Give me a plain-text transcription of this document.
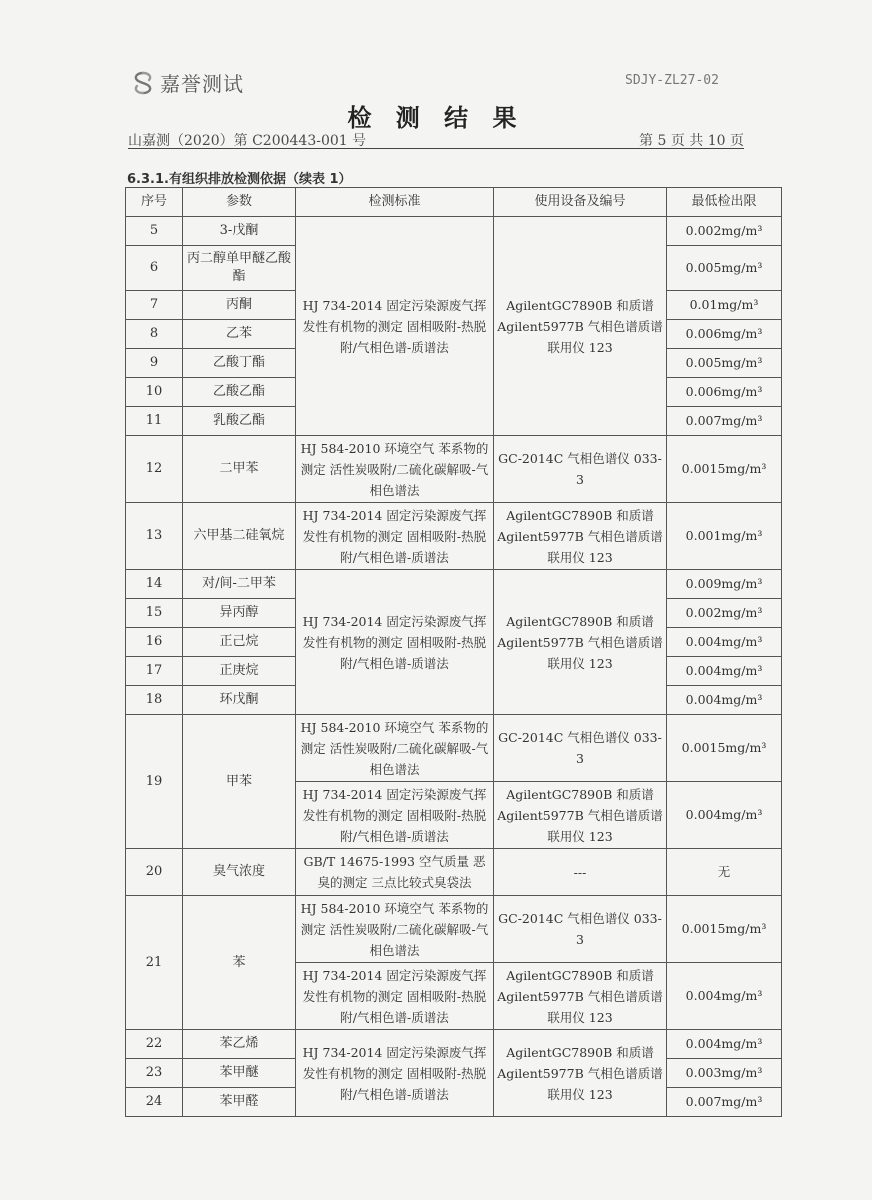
嘉誉测试	SDJY-ZL27-02
检 测 结 果
山嘉测（2020）第 C200443-001 号	第 5 页 共 10 页
6.3.1.有组织排放检测依据（续表 1）
序号	参数	检测标准	使用设备及编号	最低检出限
5	3-戊酮	HJ 734-2014 固定污染源废气挥发性有机物的测定 固相吸附-热脱附/气相色谱-质谱法	AgilentGC7890B 和质谱 Agilent5977B 气相色谱质谱联用仪 123	0.002mg/m³
6	丙二醇单甲醚乙酸酯			0.005mg/m³
7	丙酮			0.01mg/m³
8	乙苯			0.006mg/m³
9	乙酸丁酯			0.005mg/m³
10	乙酸乙酯			0.006mg/m³
11	乳酸乙酯			0.007mg/m³
12	二甲苯	HJ 584-2010 环境空气 苯系物的测定 活性炭吸附/二硫化碳解吸-气相色谱法	GC-2014C 气相色谱仪 033-3	0.0015mg/m³
13	六甲基二硅氧烷	HJ 734-2014 固定污染源废气挥发性有机物的测定 固相吸附-热脱附/气相色谱-质谱法	AgilentGC7890B 和质谱 Agilent5977B 气相色谱质谱联用仪 123	0.001mg/m³
14	对/间-二甲苯	HJ 734-2014 固定污染源废气挥发性有机物的测定 固相吸附-热脱附/气相色谱-质谱法	AgilentGC7890B 和质谱 Agilent5977B 气相色谱质谱联用仪 123	0.009mg/m³
15	异丙醇			0.002mg/m³
16	正己烷			0.004mg/m³
17	正庚烷			0.004mg/m³
18	环戊酮			0.004mg/m³
19	甲苯	HJ 584-2010 环境空气 苯系物的测定 活性炭吸附/二硫化碳解吸-气相色谱法	GC-2014C 气相色谱仪 033-3	0.0015mg/m³
		HJ 734-2014 固定污染源废气挥发性有机物的测定 固相吸附-热脱附/气相色谱-质谱法	AgilentGC7890B 和质谱 Agilent5977B 气相色谱质谱联用仪 123	0.004mg/m³
20	臭气浓度	GB/T 14675-1993 空气质量 恶臭的测定 三点比较式臭袋法	---	无
21	苯	HJ 584-2010 环境空气 苯系物的测定 活性炭吸附/二硫化碳解吸-气相色谱法	GC-2014C 气相色谱仪 033-3	0.0015mg/m³
		HJ 734-2014 固定污染源废气挥发性有机物的测定 固相吸附-热脱附/气相色谱-质谱法	AgilentGC7890B 和质谱 Agilent5977B 气相色谱质谱联用仪 123	0.004mg/m³
22	苯乙烯	HJ 734-2014 固定污染源废气挥发性有机物的测定 固相吸附-热脱附/气相色谱-质谱法	AgilentGC7890B 和质谱 Agilent5977B 气相色谱质谱联用仪 123	0.004mg/m³
23	苯甲醚			0.003mg/m³
24	苯甲醛			0.007mg/m³
